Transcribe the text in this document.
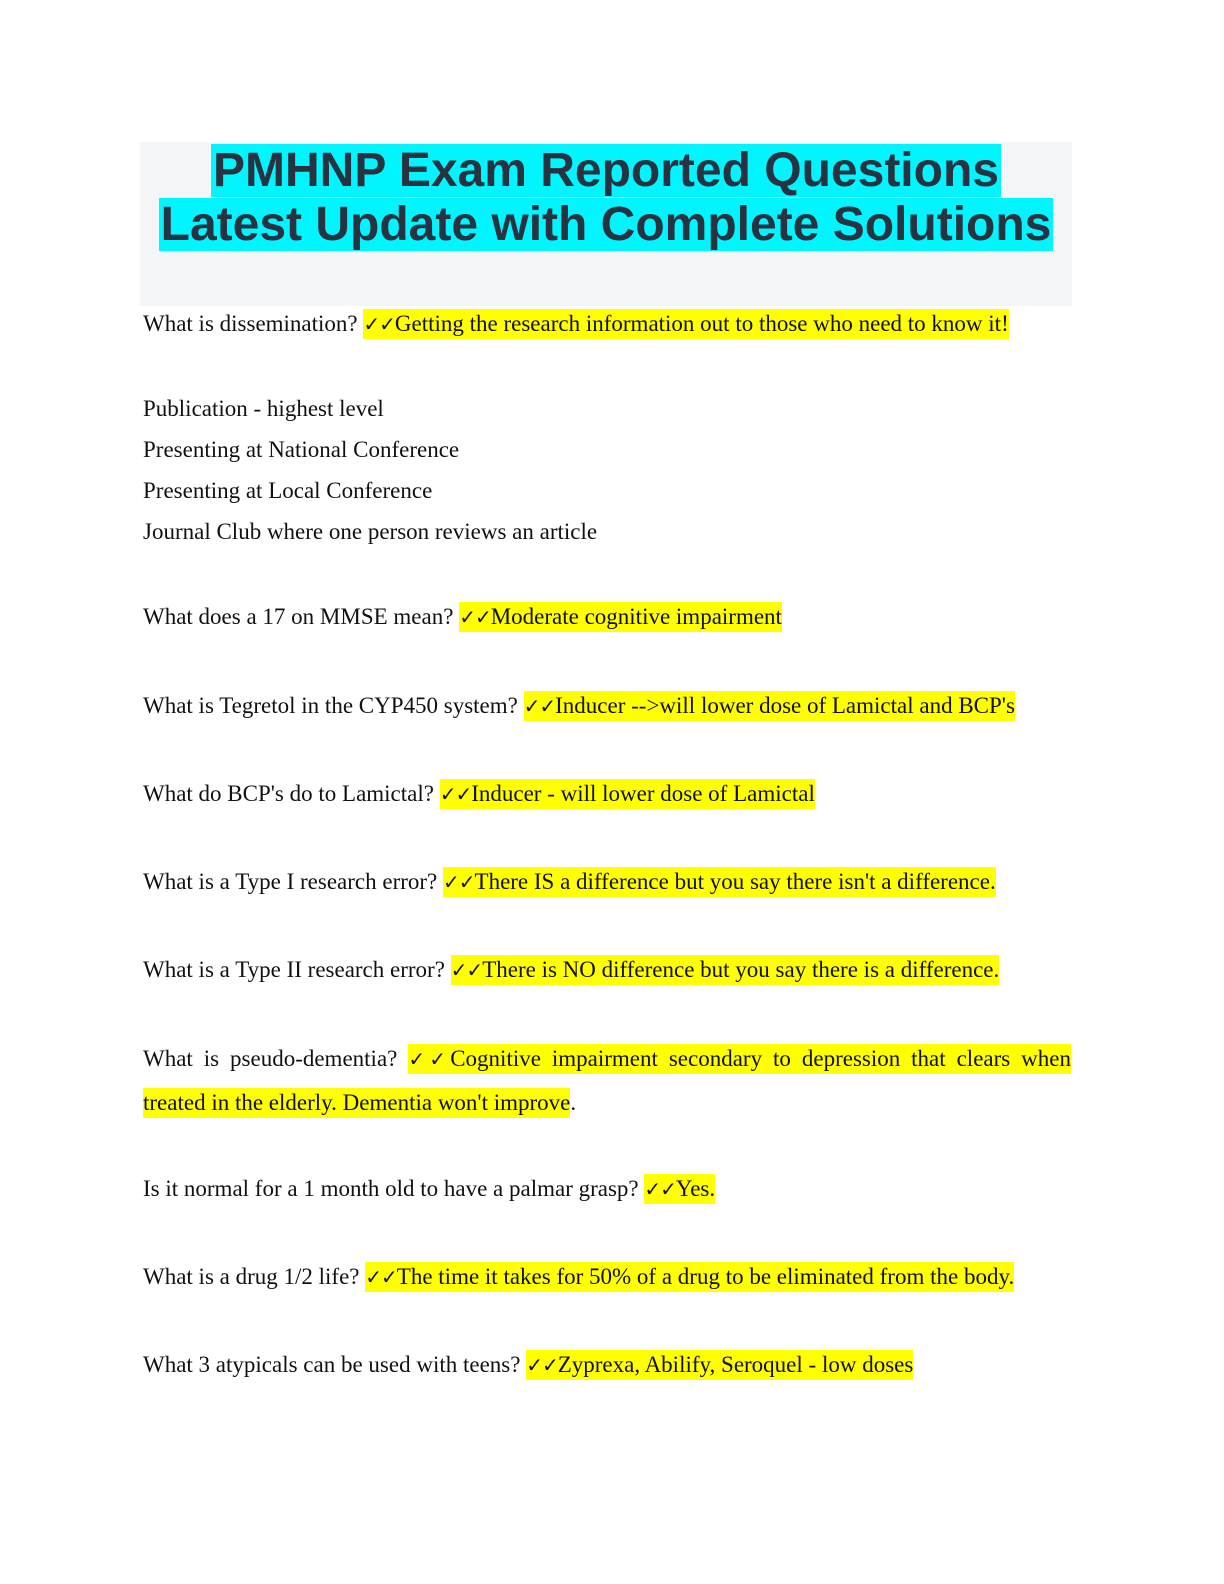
PMHNP Exam Reported Questions
Latest Update with Complete Solutions
What is dissemination? ✓✓Getting the research information out to those who need to know it!
Publication - highest level
Presenting at National Conference
Presenting at Local Conference
Journal Club where one person reviews an article
What does a 17 on MMSE mean? ✓✓Moderate cognitive impairment
What is Tegretol in the CYP450 system? ✓✓Inducer -->will lower dose of Lamictal and BCP's
What do BCP's do to Lamictal? ✓✓Inducer - will lower dose of Lamictal
What is a Type I research error? ✓✓There IS a difference but you say there isn't a difference.
What is a Type II research error? ✓✓There is NO difference but you say there is a difference.
What is pseudo-dementia? ✓✓Cognitive impairment secondary to depression that clears when
treated in the elderly. Dementia won't improve.
Is it normal for a 1 month old to have a palmar grasp? ✓✓Yes.
What is a drug 1/2 life? ✓✓The time it takes for 50% of a drug to be eliminated from the body.
What 3 atypicals can be used with teens? ✓✓Zyprexa, Abilify, Seroquel - low doses
